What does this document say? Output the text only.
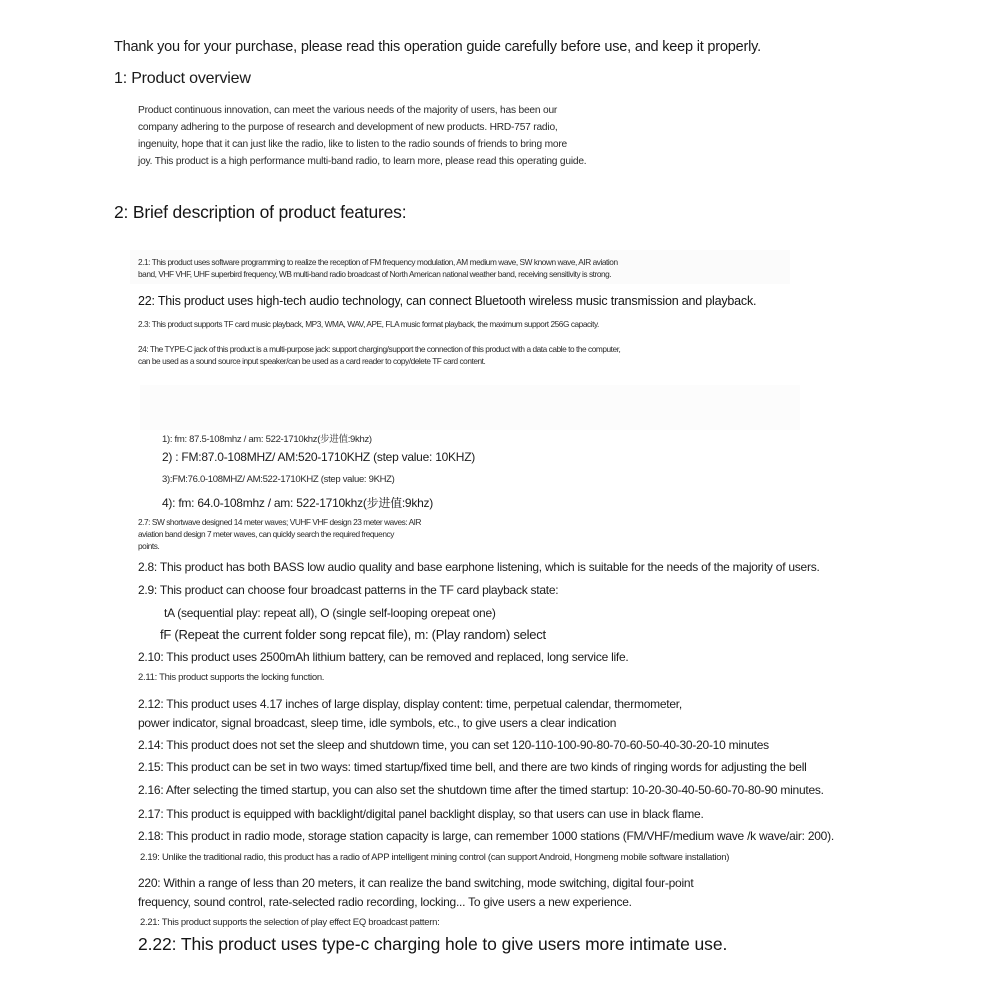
Thank you for your purchase, please read this operation guide carefully before use, and keep it properly.
1: Product overview
Product continuous innovation, can meet the various needs of the majority of users, has been our
company adhering to the purpose of research and development of new products. HRD-757 radio,
ingenuity, hope that it can just like the radio, like to listen to the radio sounds of friends to bring more
joy. This product is a high performance multi-band radio, to learn more, please read this operating guide.
2: Brief description of product features:
2.1: This product uses software programming to realize the reception of FM frequency modulation, AM medium wave, SW known wave, AIR aviation
band, VHF VHF, UHF superbird frequency, WB multi-band radio broadcast of North American national weather band, receiving sensitivity is strong.
22: This product uses high-tech audio technology, can connect Bluetooth wireless music transmission and playback.
2.3: This product supports TF card music playback, MP3, WMA, WAV, APE, FLA music format playback, the maximum support 256G capacity.
24: The TYPE-C jack of this product is a multi-purpose jack: support charging/support the connection of this product with a data cable to the computer,
can be used as a sound source input speaker/can be used as a card reader to copy/delete TF card content.
1): fm: 87.5-108mhz / am: 522-1710khz(步进值:9khz)
2) : FM:87.0-108MHZ/ AM:520-1710KHZ (step value: 10KHZ)
3):FM:76.0-108MHZ/ AM:522-1710KHZ (step value: 9KHZ)
4): fm: 64.0-108mhz / am: 522-1710khz(步进值:9khz)
2.7: SW shortwave designed 14 meter waves; VUHF VHF design 23 meter waves: AIR
aviation band design 7 meter waves, can quickly search the required frequency
points.
2.8: This product has both BASS low audio quality and base earphone listening, which is suitable for the needs of the majority of users.
2.9: This product can choose four broadcast patterns in the TF card playback state:
tA (sequential play: repeat all), O (single self-looping orepeat one)
fF (Repeat the current folder song repcat file), m: (Play random) select
2.10: This product uses 2500mAh lithium battery, can be removed and replaced, long service life.
2.11: This product supports the locking function.
2.12: This product uses 4.17 inches of large display, display content: time, perpetual calendar, thermometer,
power indicator, signal broadcast, sleep time, idle symbols, etc., to give users a clear indication
2.14: This product does not set the sleep and shutdown time, you can set 120-110-100-90-80-70-60-50-40-30-20-10 minutes
2.15: This product can be set in two ways: timed startup/fixed time bell, and there are two kinds of ringing words for adjusting the bell
2.16: After selecting the timed startup, you can also set the shutdown time after the timed startup: 10-20-30-40-50-60-70-80-90 minutes.
2.17: This product is equipped with backlight/digital panel backlight display, so that users can use in black flame.
2.18: This product in radio mode, storage station capacity is large, can remember 1000 stations (FM/VHF/medium wave /k wave/air: 200).
2.19: Unlike the traditional radio, this product has a radio of APP intelligent mining control (can support Android, Hongmeng mobile software installation)
220: Within a range of less than 20 meters, it can realize the band switching, mode switching, digital four-point
frequency, sound control, rate-selected radio recording, locking... To give users a new experience.
2.21: This product supports the selection of play effect EQ broadcast pattern:
2.22: This product uses type-c charging hole to give users more intimate use.
